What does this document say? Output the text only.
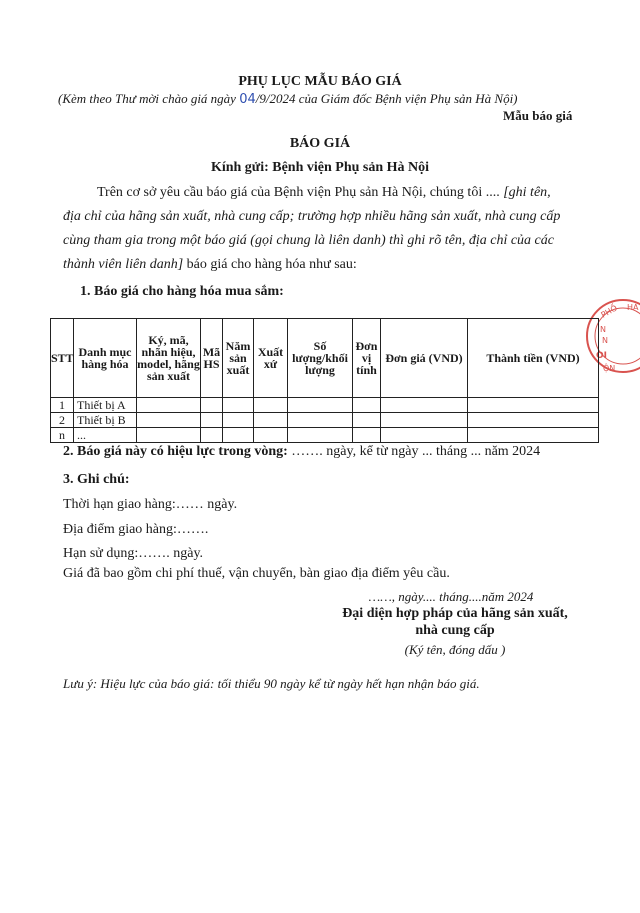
PHỤ LỤC MẪU BÁO GIÁ
(Kèm theo Thư mời chào giá ngày 04/9/2024 của Giám đốc Bệnh viện Phụ sản Hà Nội)
Mẫu báo giá
BÁO GIÁ
Kính gửi: Bệnh viện Phụ sản Hà Nội
Trên cơ sở yêu cầu báo giá của Bệnh viện Phụ sản Hà Nội, chúng tôi .... [ghi tên,
địa chỉ của hãng sản xuất, nhà cung cấp; trường hợp nhiều hãng sản xuất, nhà cung cấp
cùng tham gia trong một báo giá (gọi chung là liên danh) thì ghi rõ tên, địa chỉ của các
thành viên liên danh] báo giá cho hàng hóa như sau:
1. Báo giá cho hàng hóa mua sắm:
PHỐ HÀ
N
N
OI
ỘN
STT	Danh mục hàng hóa	Ký, mã, nhãn hiệu, model, hãng sản xuất	Mã HS	Năm sản xuất	Xuất xứ	Số lượng/khối lượng	Đơn vị tính	Đơn giá (VND)	Thành tiền (VND)
1	Thiết bị A								
2	Thiết bị B								
n	...								
2. Báo giá này có hiệu lực trong vòng: ……. ngày, kể từ ngày ... tháng ... năm 2024
3. Ghi chú:
Thời hạn giao hàng:…… ngày.
Địa điểm giao hàng:…….
Hạn sử dụng:……. ngày.
Giá đã bao gồm chi phí thuế, vận chuyển, bàn giao địa điểm yêu cầu.
……, ngày.... tháng....năm 2024
Đại diện hợp pháp của hãng sản xuất,
nhà cung cấp
(Ký tên, đóng dấu )
Lưu ý: Hiệu lực của báo giá: tối thiểu 90 ngày kể từ ngày hết hạn nhận báo giá.
